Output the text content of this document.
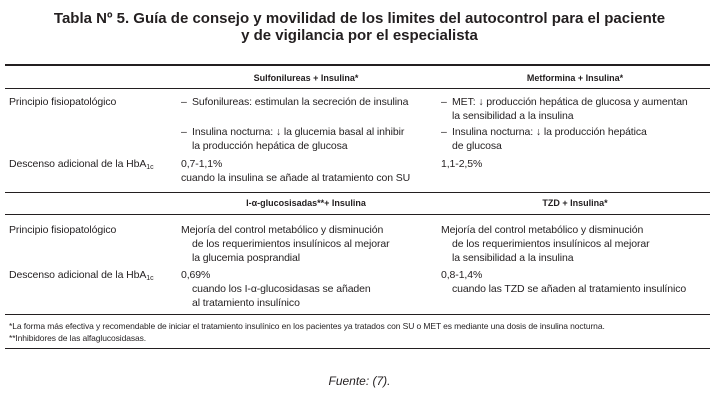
Tabla Nº 5. Guía de consejo y movilidad de los limites del autocontrol para el paciente
y de vigilancia por el especialista
Sulfonilureas + Insulina*	Metformina + Insulina*
Principio fisiopatológico
Descenso adicional de la HbA$_{1c}$
– Sufonilureas: estimulan la secreción de insulina
– Insulina nocturna: ↓ la glucemia basal al inhibir
la producción hepática de glucosa
0,7-1,1%
cuando la insulina se añade al tratamiento con SU
– MET: ↓ producción hepática de glucosa y aumentan
la sensibilidad a la insulina
– Insulina nocturna: ↓ la producción hepática
de glucosa
1,1-2,5%
I-α-glucosisadas**+ Insulina	TZD + Insulina*
Principio fisiopatológico
Descenso adicional de la HbA$_{1c}$
Mejoría del control metabólico y disminución
de los requerimientos insulínicos al mejorar
la glucemia posprandial
0,69%
cuando los I-α-glucosidasas se añaden
al tratamiento insulínico
Mejoría del control metabólico y disminución
de los requerimientos insulínicos al mejorar
la sensibilidad a la insulina
0,8-1,4%
cuando las TZD se añaden al tratamiento insulínico
*La forma más efectiva y recomendable de iniciar el tratamiento insulínico en los pacientes ya tratados con SU o MET es mediante una dosis de insulina nocturna.
**Inhibidores de las alfaglucosidasas.
Fuente: (7).
